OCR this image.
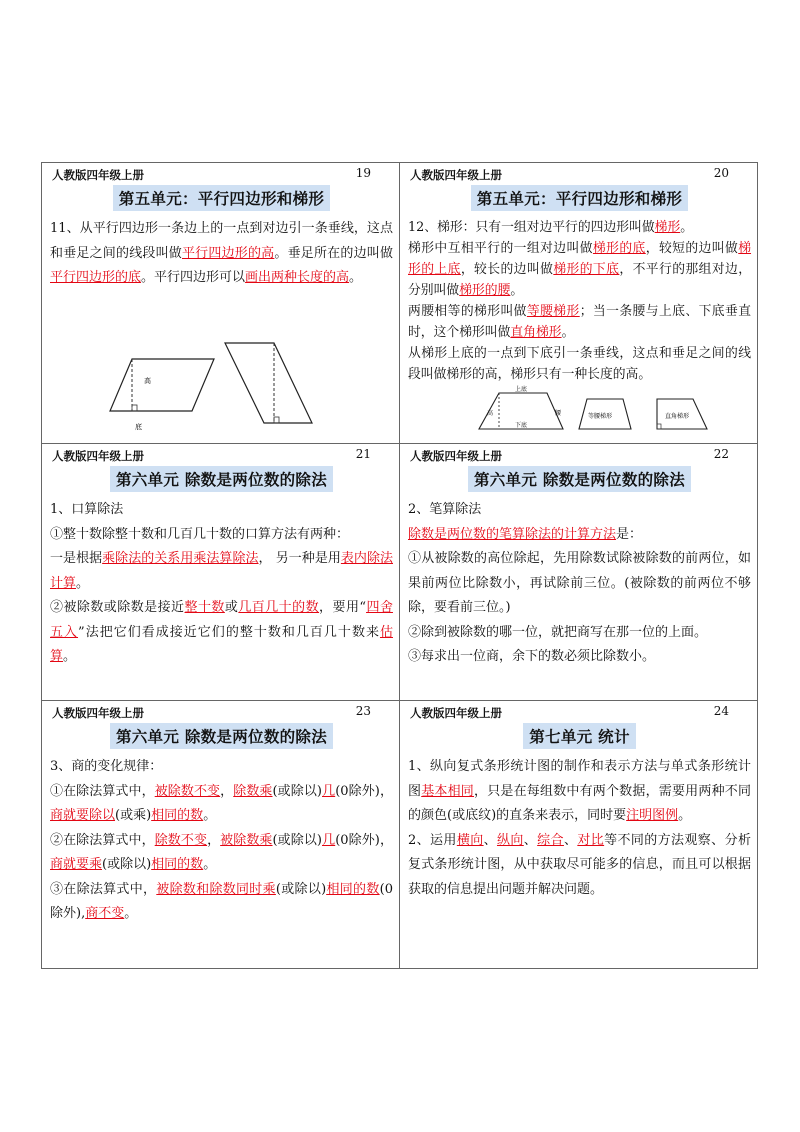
人教版四年级上册	19
第五单元：平行四边形和梯形

11、从平行四边形一条边上的一点到对边引一条垂线，这点和垂足之间的线段叫做平行四边形的高。垂足所在的边叫做平行四边形的底。平行四边形可以画出两种长度的高。

高
底
人教版四年级上册	20
第五单元：平行四边形和梯形

12、梯形：只有一组对边平行的四边形叫做梯形。

梯形中互相平行的一组对边叫做梯形的底，较短的边叫做梯形的上底，较长的边叫做梯形的下底，不平行的那组对边，分别叫做梯形的腰。

两腰相等的梯形叫做等腰梯形；当一条腰与上底、下底垂直时，这个梯形叫做直角梯形。

从梯形上底的一点到下底引一条垂线，这点和垂足之间的线段叫做梯形的高，梯形只有一种长度的高。

上底
下底
高	腰	等腰梯形	直角梯形
人教版四年级上册	21
第六单元 除数是两位数的除法

1、口算除法

①整十数除整十数和几百几十数的口算方法有两种：

一是根据乘除法的关系用乘法算除法， 另一种是用表内除法计算。

②被除数或除数是接近整十数或几百几十的数，要用“四舍五入”法把它们看成接近它们的整十数和几百几十数来估算。

人教版四年级上册	22
第六单元 除数是两位数的除法

2、笔算除法

除数是两位数的笔算除法的计算方法是：

①从被除数的高位除起，先用除数试除被除数的前两位，如果前两位比除数小，再试除前三位。(被除数的前两位不够除，要看前三位。)

②除到被除数的哪一位，就把商写在那一位的上面。

③每求出一位商，余下的数必须比除数小。

人教版四年级上册	23
第六单元 除数是两位数的除法

3、商的变化规律：

①在除法算式中，被除数不变，除数乘(或除以)几(0除外)，商就要除以(或乘)相同的数。

②在除法算式中，除数不变，被除数乘(或除以)几(0除外)，商就要乘(或除以)相同的数。

③在除法算式中，被除数和除数同时乘(或除以)相同的数(0除外),商不变。

人教版四年级上册	24
第七单元 统计

1、纵向复式条形统计图的制作和表示方法与单式条形统计图基本相同，只是在每组数中有两个数据，需要用两种不同的颜色(或底纹)的直条来表示，同时要注明图例。

2、运用横向、纵向、综合、对比等不同的方法观察、分析复式条形统计图，从中获取尽可能多的信息，而且可以根据获取的信息提出问题并解决问题。
